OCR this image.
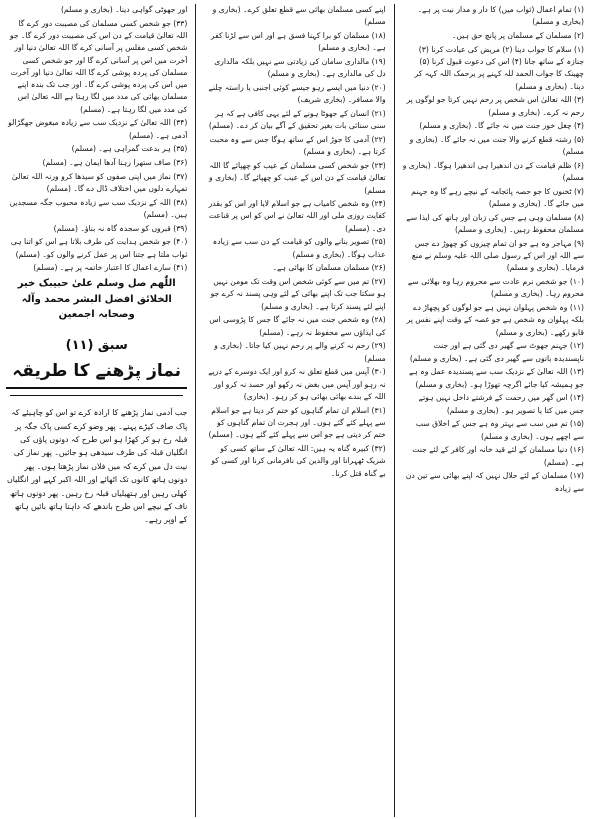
(۱) تمام اعمال (ثواب میں) کا دار و مدار نیت پر ہے۔ (بخاری و مسلم)

(۲) مسلمان کے مسلمان پر پانچ حق ہیں۔

(۱) سلام کا جواب دینا (۲) مریض کی عیادت کرنا (۳) جنازہ کے ساتھ جانا (۴) اس کی دعوت قبول کرنا (۵) چھینک کا جواب الحمد للہ کہنے پر یرحمک اللہ کہہ کر دینا۔ (بخاری و مسلم)

(۳) اللہ تعالیٰ اس شخص پر رحم نہیں کرتا جو لوگوں پر رحم نہ کرے۔ (بخاری و مسلم)

(۴) چغل خور جنت میں نہ جائے گا۔ (بخاری و مسلم)

(۵) رشتہ قطع کرنے والا جنت میں نہ جائے گا۔ (بخاری و مسلم)

(۶) ظلم قیامت کے دن اندھیرا ہی اندھیرا ہوگا۔ (بخاری و مسلم)

(۷) ٹخنوں کا جو حصہ پائجامہ کے نیچے رہے گا وہ جہنم میں جائے گا۔ (بخاری و مسلم)

(۸) مسلمان وہی ہے جس کی زبان اور ہاتھ کی ایذا سے مسلمان محفوظ رہیں۔ (بخاری و مسلم)

(۹) مہاجر وہ ہے جو ان تمام چیزوں کو چھوڑ دے جس سے اللہ اور اس کے رسول صلی اللہ علیہ وسلم نے منع فرمایا۔ (بخاری و مسلم)

(۱۰) جو شخص نرم عادت سے محروم رہا وہ بھلائی سے محروم رہا۔ (بخاری و مسلم)

(۱۱) وہ شخص پہلوان نہیں ہے جو لوگوں کو پچھاڑ دے بلکہ پہلوان وہ شخص ہے جو غصہ کے وقت اپنے نفس پر قابو رکھے۔ (بخاری و مسلم)

(۱۲) جہنم جھوٹ سے گھیر دی گئی ہے اور جنت ناپسندیدہ باتوں سے گھیر دی گئی ہے۔ (بخاری و مسلم)

(۱۳) اللہ تعالیٰ کے نزدیک سب سے پسندیدہ عمل وہ ہے جو ہمیشہ کیا جائے اگرچہ تھوڑا ہو۔ (بخاری و مسلم)

(۱۴) اس گھر میں رحمت کے فرشتے داخل نہیں ہوتے جس میں کتا یا تصویر ہو۔ (بخاری و مسلم)

(۱۵) تم میں سب سے بہتر وہ ہے جس کے اخلاق سب سے اچھے ہوں۔ (بخاری و مسلم)

(۱۶) دنیا مسلمان کے لئے قید خانہ اور کافر کے لئے جنت ہے۔ (مسلم)

(۱۷) مسلمان کے لئے حلال نہیں کہ اپنے بھائی سے تین دن سے زیادہ

اپنے کسی مسلمان بھائی سے قطع تعلق کرے۔ (بخاری و مسلم)

(۱۸) مسلمان کو برا کہنا فسق ہے اور اس سے لڑنا کفر ہے۔ (بخاری و مسلم)

(۱۹) مالداری سامان کی زیادتی سے نہیں بلکہ مالداری دل کی مالداری ہے۔ (بخاری و مسلم)

(۲۰) دنیا میں ایسے رہو جیسے کوئی اجنبی یا راستہ چلنے والا مسافر۔ (بخاری شریف)

(۲۱) انسان کے جھوٹا ہونے کے لئے یہی کافی ہے کہ ہر سنی سنائی بات بغیر تحقیق کے آگے بیان کر دے۔ (مسلم)

(۲۲) آدمی کا جوڑ اس کے ساتھ ہوگا جس سے وہ محبت کرتا ہے۔ (بخاری و مسلم)

(۲۳) جو شخص کسی مسلمان کے عیب کو چھپائے گا اللہ تعالیٰ قیامت کے دن اس کے عیب کو چھپائے گا۔ (بخاری و مسلم)

(۲۴) وہ شخص کامیاب ہے جو اسلام لایا اور اس کو بقدر کفایت روزی ملی اور اللہ تعالیٰ نے اس کو اس پر قناعت دی۔ (مسلم)

(۲۵) تصویر بنانے والوں کو قیامت کے دن سب سے زیادہ عذاب ہوگا۔ (بخاری و مسلم)

(۲۶) مسلمان مسلمان کا بھائی ہے۔

(۲۷) تم میں سے کوئی شخص اس وقت تک مومن نہیں ہو سکتا جب تک اپنے بھائی کے لئے وہی پسند نہ کرے جو اپنے لئے پسند کرتا ہے۔ (بخاری و مسلم)

(۲۸) وہ شخص جنت میں نہ جائے گا جس کا پڑوسی اس کی ایذاؤں سے محفوظ نہ رہے۔ (مسلم)

(۲۹) رحم نہ کرنے والے پر رحم نہیں کیا جاتا۔ (بخاری و مسلم)

(۳۰) آپس میں قطع تعلق نہ کرو اور ایک دوسرے کے درپے نہ رہو اور آپس میں بغض نہ رکھو اور حسد نہ کرو اور اللہ کے بندے بھائی بھائی ہو کر رہو۔ (بخاری)

(۳۱) اسلام ان تمام گناہوں کو ختم کر دیتا ہے جو اسلام سے پہلے کئے گئے ہوں۔ اور ہجرت ان تمام گناہوں کو ختم کر دیتی ہے جو اس سے پہلے کئے گئے ہوں۔ (مسلم)

(۳۲) کبیرہ گناہ یہ ہیں: اللہ تعالیٰ کے ساتھ کسی کو شریک ٹھہرانا اور والدین کی نافرمانی کرنا اور کسی کو بے گناہ قتل کرنا۔

اور جھوٹی گواہی دینا۔ (بخاری و مسلم)

(۳۳) جو شخص کسی مسلمان کی مصیبت دور کرے گا اللہ تعالیٰ قیامت کے دن اس کی مصیبت دور کرے گا۔ جو شخص کسی مفلس پر آسانی کرے گا اللہ تعالیٰ دنیا اور آخرت میں اس پر آسانی کرے گا اور جو شخص کسی مسلمان کی پردہ پوشی کرے گا اللہ تعالیٰ دنیا اور آخرت میں اس کی پردہ پوشی کرے گا۔ اور جب تک بندہ اپنے مسلمان بھائی کی مدد میں لگا رہتا ہے اللہ تعالیٰ اس کی مدد میں لگا رہتا ہے۔ (مسلم)

(۳۴) اللہ تعالیٰ کے نزدیک سب سے زیادہ مبغوض جھگڑالو آدمی ہے۔ (مسلم)

(۳۵) ہر بدعت گمراہی ہے۔ (مسلم)

(۳۶) صاف ستھرا رہنا آدھا ایمان ہے۔ (مسلم)

(۳۷) نماز میں اپنی صفوں کو سیدھا کرو ورنہ اللہ تعالیٰ تمہارے دلوں میں اختلاف ڈال دے گا۔ (مسلم)

(۳۸) اللہ کے نزدیک سب سے زیادہ محبوب جگہ مسجدیں ہیں۔ (مسلم)

(۳۹) قبروں کو سجدہ گاہ نہ بناؤ۔ (مسلم)

(۴۰) جو شخص ہدایت کی طرف بلاتا ہے اس کو اتنا ہی ثواب ملتا ہے جتنا اس پر عمل کرنے والوں کو۔ (مسلم)

(۴۱) سارے اعمال کا اعتبار خاتمہ پر ہے۔ (مسلم)

اللّٰھم صل وسلم علیٰ حبیبک خیر الخلائق افضل البشر محمد وآلہ وصحابہ اجمعین

سبق (۱۱)
نماز پڑھنے کا طریقہ

جب آدمی نماز پڑھنے کا ارادہ کرے تو اس کو چاہیئے کہ پاک صاف کپڑے پہنے۔ پھر وضو کرے کسی پاک جگہ پر قبلہ رخ ہو کر کھڑا ہو اس طرح کہ دونوں پاؤں کی انگلیاں قبلہ کی طرف سیدھی ہو جائیں۔ پھر نماز کی نیت دل میں کرے کہ میں فلاں نماز پڑھتا ہوں۔ پھر دونوں ہاتھ کانوں تک اٹھائے اور اللہ اکبر کہے اور انگلیاں کھلی رہیں اور ہتھیلیاں قبلہ رخ رہیں۔ پھر دونوں ہاتھ ناف کے نیچے اس طرح باندھے کہ داہنا ہاتھ بائیں ہاتھ کے اوپر رہے۔
